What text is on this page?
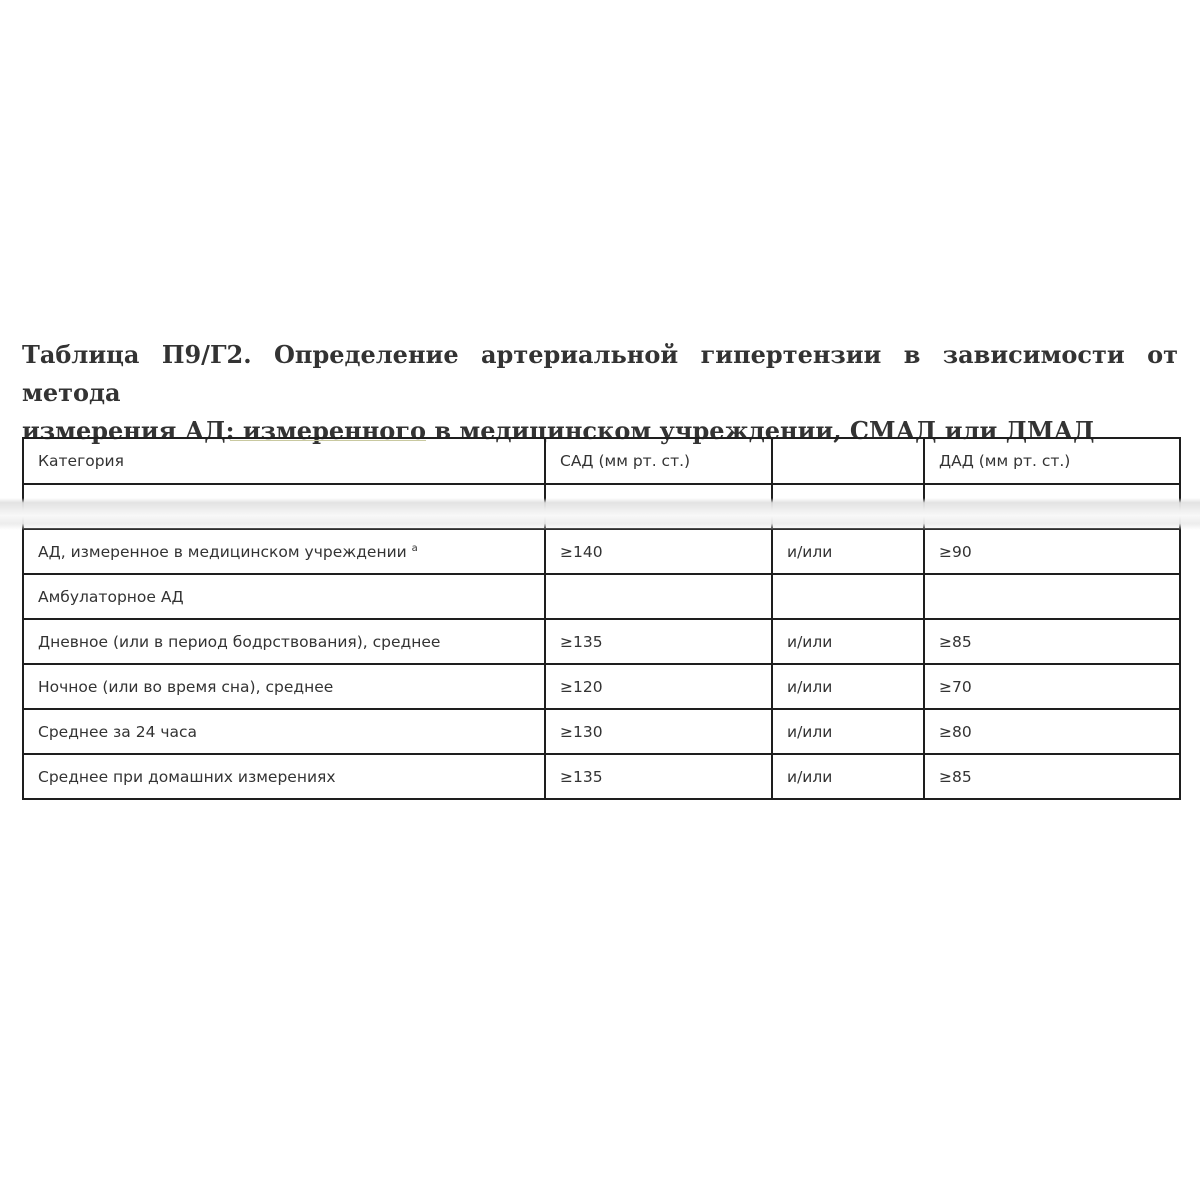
Таблица П9/Г2. Определение артериальной гипертензии в зависимости от метода
измерения АД: измеренного в медицинском учреждении, СМАД или ДМАД

Категория	САД (мм рт. ст.)		ДАД (мм рт. ст.)

АД, измеренное в медицинском учреждении $^а$	≥140	и/или	≥90
Амбулаторное АД			
Дневное (или в период бодрствования), среднее	≥135	и/или	≥85
Ночное (или во время сна), среднее	≥120	и/или	≥70
Среднее за 24 часа	≥130	и/или	≥80
Среднее при домашних измерениях	≥135	и/или	≥85
